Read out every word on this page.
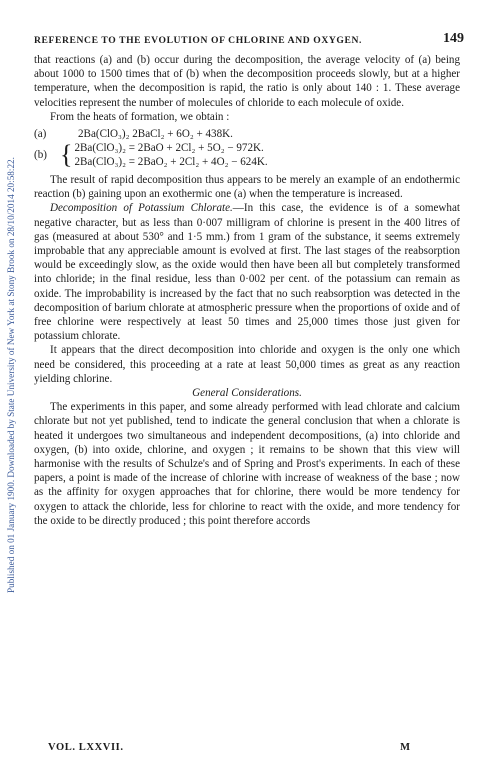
Published on 01 January 1900. Downloaded by State University of New York at Stony Brook on 28/10/2014 20:58:22.
REFERENCE TO THE EVOLUTION OF CHLORINE AND OXYGEN.	149

that reactions (a) and (b) occur during the decomposition, the average velocity of (a) being about 1000 to 1500 times that of (b) when the decomposition proceeds slowly, but at a higher temperature, when the decomposition is rapid, the ratio is only about 140 : 1. These average velocities represent the number of molecules of chloride to each molecule of oxide.

From the heats of formation, we obtain :

(a)	2Ba(ClO₃)₂ 2BaCl₂ + 6O₂ + 438K.
(b) { 2Ba(ClO₃)₂ = 2BaO + 2Cl₂ + 5O₂ − 972K.
2Ba(ClO₃)₂ = 2BaO₂ + 2Cl₂ + 4O₂ − 624K.

The result of rapid decomposition thus appears to be merely an example of an endothermic reaction (b) gaining upon an exothermic one (a) when the temperature is increased.

Decomposition of Potassium Chlorate.—In this case, the evidence is of a somewhat negative character, but as less than 0·007 milligram of chlorine is present in the 400 litres of gas (measured at about 530° and 1·5 mm.) from 1 gram of the substance, it seems extremely improbable that any appreciable amount is evolved at first. The last stages of the reabsorption would be exceedingly slow, as the oxide would then have been all but completely transformed into chloride; in the final residue, less than 0·002 per cent. of the potassium can remain as oxide. The improbability is increased by the fact that no such reabsorption was detected in the decomposition of barium chlorate at atmospheric pressure when the proportions of oxide and of free chlorine were respectively at least 50 times and 25,000 times those just given for potassium chlorate.

It appears that the direct decomposition into chloride and oxygen is the only one which need be considered, this proceeding at a rate at least 50,000 times as great as any reaction yielding chlorine.

General Considerations.

The experiments in this paper, and some already performed with lead chlorate and calcium chlorate but not yet published, tend to indicate the general conclusion that when a chlorate is heated it undergoes two simultaneous and independent decompositions, (a) into chloride and oxygen, (b) into oxide, chlorine, and oxygen ; it remains to be shown that this view will harmonise with the results of Schulze's and of Spring and Prost's experiments. In each of these papers, a point is made of the increase of chlorine with increase of weakness of the base ; now as the affinity for oxygen approaches that for chlorine, there would be more tendency for oxygen to attack the chloride, less for chlorine to react with the oxide, and more tendency for the oxide to be directly produced ; this point therefore accords

VOL. LXXVII.	M
